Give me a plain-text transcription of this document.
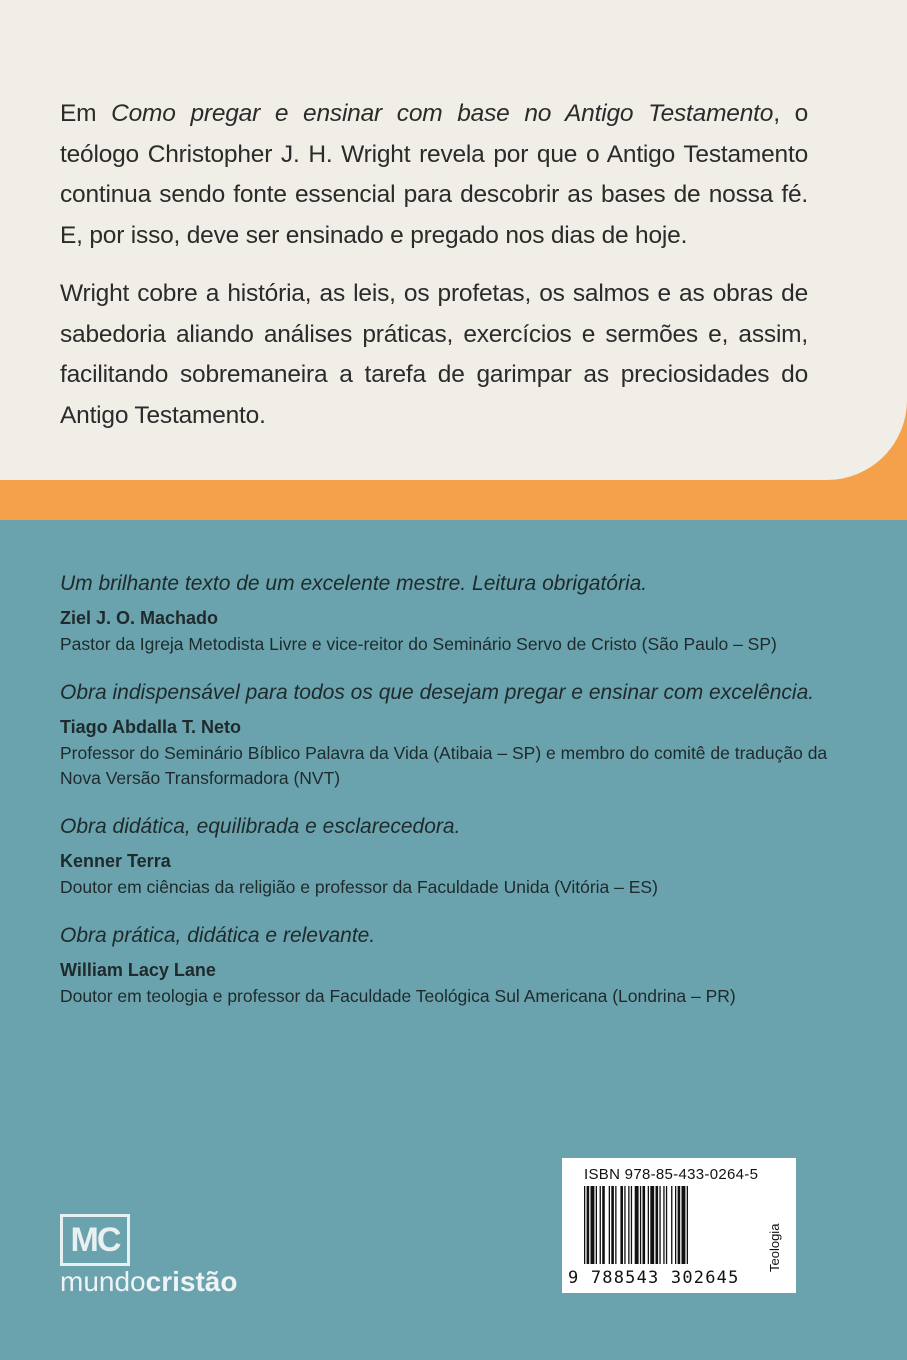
Em Como pregar e ensinar com base no Antigo Testamento, o teólogo Christopher J. H. Wright revela por que o Antigo Testamento continua sendo fonte essencial para descobrir as bases de nossa fé. E, por isso, deve ser ensinado e pregado nos dias de hoje.

Wright cobre a história, as leis, os profetas, os salmos e as obras de sabedoria aliando análises práticas, exercícios e sermões e, assim, facilitando sobremaneira a tarefa de garimpar as preciosidades do Antigo Testamento.

Um brilhante texto de um excelente mestre. Leitura obrigatória.

Ziel J. O. Machado

Pastor da Igreja Metodista Livre e vice-reitor do Seminário Servo de Cristo (São Paulo – SP)

Obra indispensável para todos os que desejam pregar e ensinar com excelência.

Tiago Abdalla T. Neto

Professor do Seminário Bíblico Palavra da Vida (Atibaia – SP) e membro do comitê de tradução da Nova Versão Transformadora (NVT)

Obra didática, equilibrada e esclarecedora.

Kenner Terra

Doutor em ciências da religião e professor da Faculdade Unida (Vitória – ES)

Obra prática, didática e relevante.

William Lacy Lane

Doutor em teologia e professor da Faculdade Teológica Sul Americana (Londrina – PR)

MC
mundocristão
ISBN 978-85-433-0264-5
9 788543 302645
Teologia
